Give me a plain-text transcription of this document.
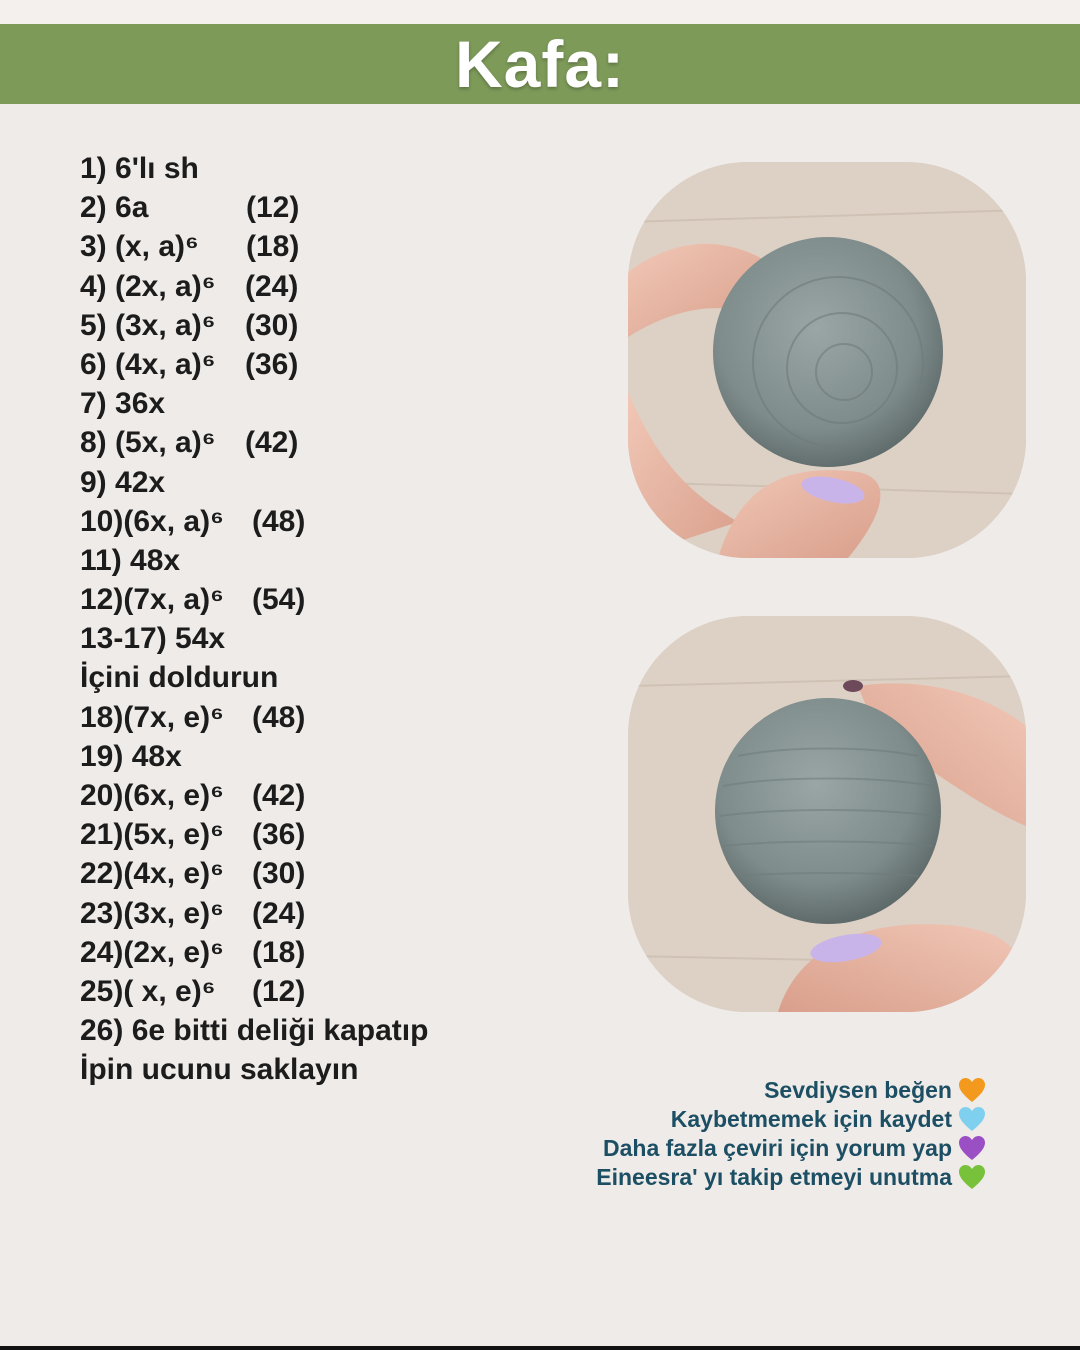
Kafa:
1) 6'lı sh
2) 6a	(12)
3) (x, a)⁶ (18)
4) (2x, a)⁶ (24)
5) (3x, a)⁶ (30)
6) (4x, a)⁶ (36)
7) 36x
8) (5x, a)⁶ (42)
9) 42x
10)(6x, a)⁶ (48)
11) 48x
12)(7x, a)⁶ (54)
13-17) 54x
İçini doldurun
18)(7x, e)⁶ (48)
19) 48x
20)(6x, e)⁶ (42)
21)(5x, e)⁶ (36)
22)(4x, e)⁶ (30)
23)(3x, e)⁶ (24)
24)(2x, e)⁶ (18)
25)( x, e)⁶ (12)
26) 6e bitti deliği kapatıp
İpin ucunu saklayın
Sevdiysen beğen
Kaybetmemek için kaydet
Daha fazla çeviri için yorum yap
Eineesra' yı takip etmeyi unutma
